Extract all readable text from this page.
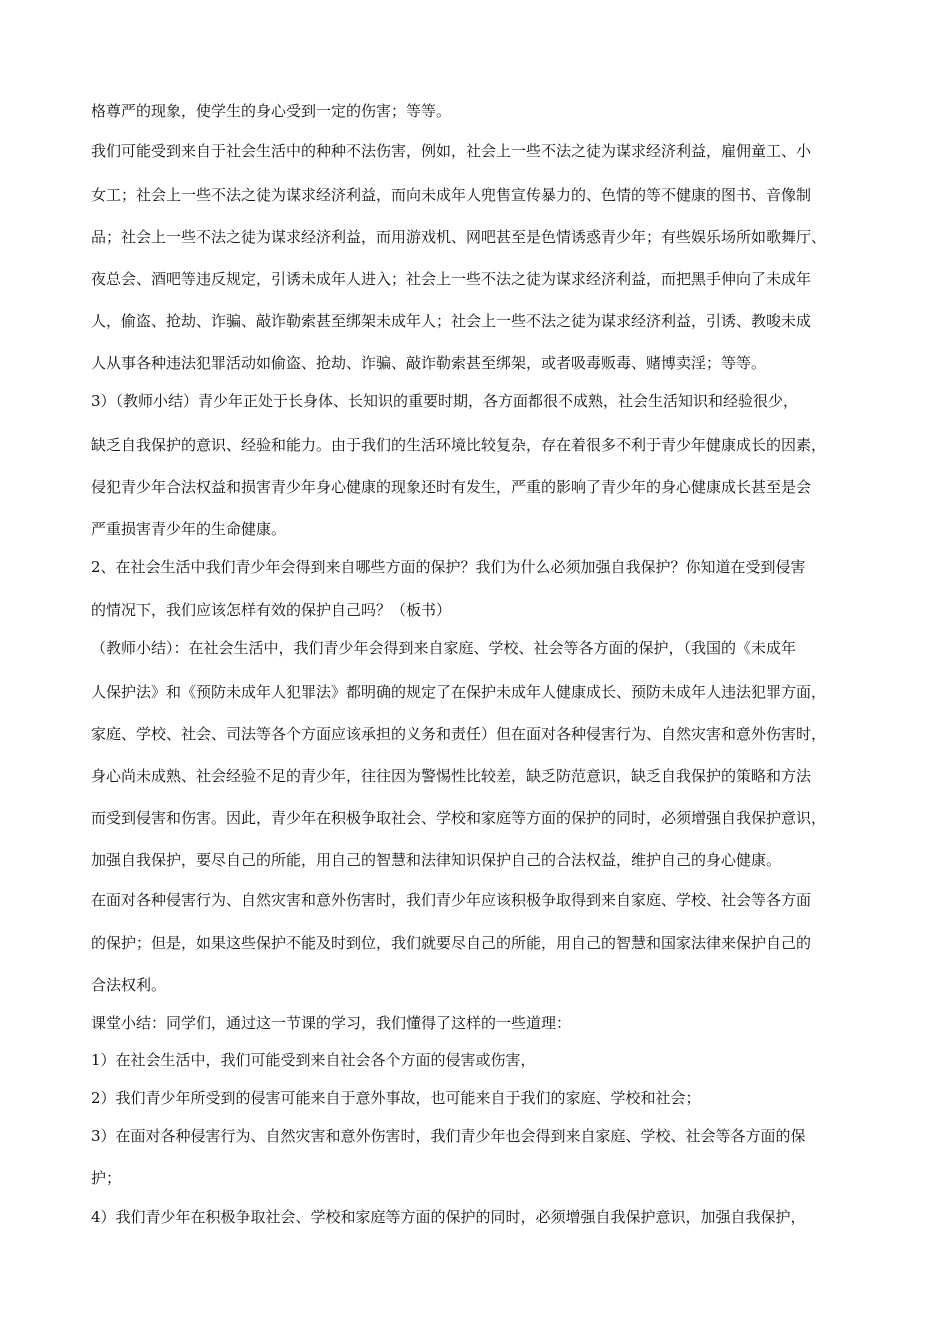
格尊严的现象，使学生的身心受到一定的伤害；等等。
我们可能受到来自于社会生活中的种种不法伤害，例如，社会上一些不法之徒为谋求经济利益，雇佣童工、小
女工；社会上一些不法之徒为谋求经济利益，而向未成年人兜售宣传暴力的、色情的等不健康的图书、音像制
品；社会上一些不法之徒为谋求经济利益，而用游戏机、网吧甚至是色情诱惑青少年；有些娱乐场所如歌舞厅、
夜总会、酒吧等违反规定，引诱未成年人进入；社会上一些不法之徒为谋求经济利益，而把黑手伸向了未成年
人，偷盗、抢劫、诈骗、敲诈勒索甚至绑架未成年人；社会上一些不法之徒为谋求经济利益，引诱、教唆未成
人从事各种违法犯罪活动如偷盗、抢劫、诈骗、敲诈勒索甚至绑架，或者吸毒贩毒、赌博卖淫；等等。
3）（教师小结）青少年正处于长身体、长知识的重要时期，各方面都很不成熟，社会生活知识和经验很少，
缺乏自我保护的意识、经验和能力。由于我们的生活环境比较复杂，存在着很多不利于青少年健康成长的因素，
侵犯青少年合法权益和损害青少年身心健康的现象还时有发生，严重的影响了青少年的身心健康成长甚至是会
严重损害青少年的生命健康。
2、在社会生活中我们青少年会得到来自哪些方面的保护？我们为什么必须加强自我保护？你知道在受到侵害
的情况下，我们应该怎样有效的保护自己吗？（板书）
（教师小结）：在社会生活中，我们青少年会得到来自家庭、学校、社会等各方面的保护，（我国的《未成年
人保护法》和《预防未成年人犯罪法》都明确的规定了在保护未成年人健康成长、预防未成年人违法犯罪方面，
家庭、学校、社会、司法等各个方面应该承担的义务和责任）但在面对各种侵害行为、自然灾害和意外伤害时，
身心尚未成熟、社会经验不足的青少年，往往因为警惕性比较差，缺乏防范意识，缺乏自我保护的策略和方法
而受到侵害和伤害。因此，青少年在积极争取社会、学校和家庭等方面的保护的同时，必须增强自我保护意识，
加强自我保护，要尽自己的所能，用自己的智慧和法律知识保护自己的合法权益，维护自己的身心健康。
在面对各种侵害行为、自然灾害和意外伤害时，我们青少年应该积极争取得到来自家庭、学校、社会等各方面
的保护；但是，如果这些保护不能及时到位，我们就要尽自己的所能，用自己的智慧和国家法律来保护自己的
合法权利。
课堂小结：同学们，通过这一节课的学习，我们懂得了这样的一些道理：
1）在社会生活中，我们可能受到来自社会各个方面的侵害或伤害，
2）我们青少年所受到的侵害可能来自于意外事故，也可能来自于我们的家庭、学校和社会；
3）在面对各种侵害行为、自然灾害和意外伤害时，我们青少年也会得到来自家庭、学校、社会等各方面的保
护；
4）我们青少年在积极争取社会、学校和家庭等方面的保护的同时，必须增强自我保护意识，加强自我保护，
